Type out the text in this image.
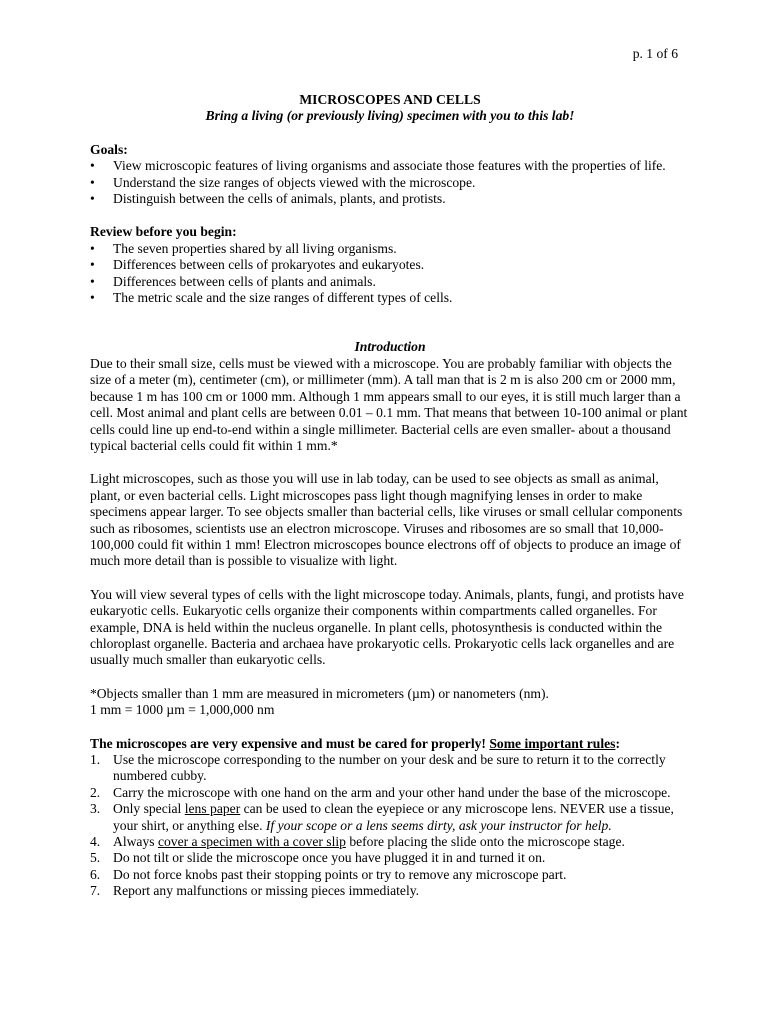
p. 1 of 6

MICROSCOPES AND CELLS

Bring a living (or previously living) specimen with you to this lab!

Goals:

• View microscopic features of living organisms and associate those features with the properties of life.
• Understand the size ranges of objects viewed with the microscope.
• Distinguish between the cells of animals, plants, and protists.

Review before you begin:

• The seven properties shared by all living organisms.
• Differences between cells of prokaryotes and eukaryotes.
• Differences between cells of plants and animals.
• The metric scale and the size ranges of different types of cells.

Introduction

Due to their small size, cells must be viewed with a microscope. You are probably familiar with objects the size of a meter (m), centimeter (cm), or millimeter (mm). A tall man that is 2 m is also 200 cm or 2000 mm, because 1 m has 100 cm or 1000 mm. Although 1 mm appears small to our eyes, it is still much larger than a cell. Most animal and plant cells are between 0.01 – 0.1 mm. That means that between 10-100 animal or plant cells could line up end-to-end within a single millimeter. Bacterial cells are even smaller- about a thousand typical bacterial cells could fit within 1 mm.*

Light microscopes, such as those you will use in lab today, can be used to see objects as small as animal, plant, or even bacterial cells. Light microscopes pass light though magnifying lenses in order to make specimens appear larger. To see objects smaller than bacterial cells, like viruses or small cellular components such as ribosomes, scientists use an electron microscope. Viruses and ribosomes are so small that 10,000-100,000 could fit within 1 mm! Electron microscopes bounce electrons off of objects to produce an image of much more detail than is possible to visualize with light.

You will view several types of cells with the light microscope today. Animals, plants, fungi, and protists have eukaryotic cells. Eukaryotic cells organize their components within compartments called organelles. For example, DNA is held within the nucleus organelle. In plant cells, photosynthesis is conducted within the chloroplast organelle. Bacteria and archaea have prokaryotic cells. Prokaryotic cells lack organelles and are usually much smaller than eukaryotic cells.

*Objects smaller than 1 mm are measured in micrometers (µm) or nanometers (nm).

1 mm = 1000 µm = 1,000,000 nm

The microscopes are very expensive and must be cared for properly! Some important rules:

1. Use the microscope corresponding to the number on your desk and be sure to return it to the correctly numbered cubby.
2. Carry the microscope with one hand on the arm and your other hand under the base of the microscope.
3. Only special lens paper can be used to clean the eyepiece or any microscope lens. NEVER use a tissue, your shirt, or anything else. If your scope or a lens seems dirty, ask your instructor for help.
4. Always cover a specimen with a cover slip before placing the slide onto the microscope stage.
5. Do not tilt or slide the microscope once you have plugged it in and turned it on.
6. Do not force knobs past their stopping points or try to remove any microscope part.
7. Report any malfunctions or missing pieces immediately.
